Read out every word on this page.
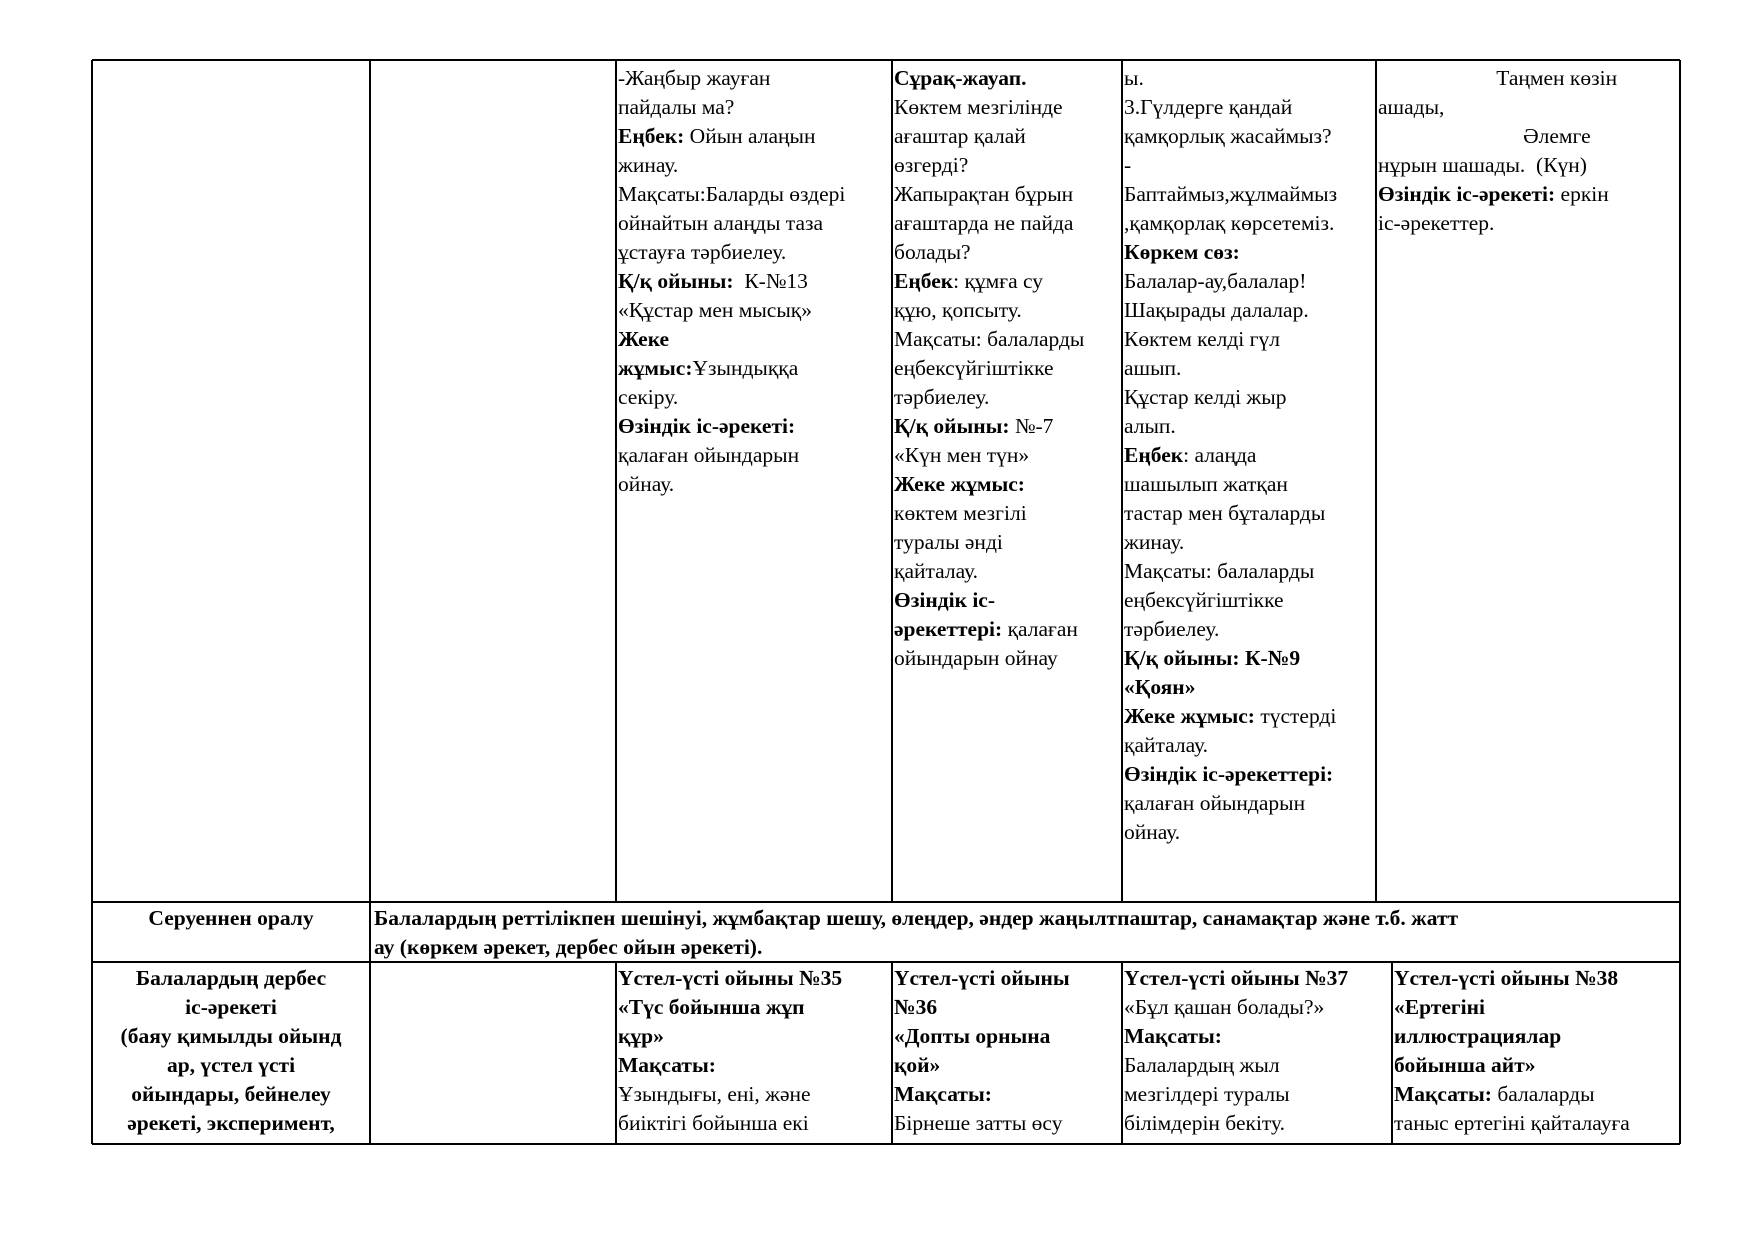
-Жаңбыр жауған
пайдалы ма?
Еңбек: Ойын алаңын
жинау.
Мақсаты:Баларды өздері
ойнайтын алаңды таза
ұстауға тәрбиелеу.
Қ/қ ойыны:  К-№13
«Құстар мен мысық»
Жеке
жұмыс:Ұзындыққа
секіру.
Өзіндік іс-әрекеті:
қалаған ойындарын
ойнау.
Сұрақ-жауап.
Көктем мезгілінде
ағаштар қалай
өзгерді?
Жапырақтан бұрын
ағаштарда не пайда
болады?
Еңбек: құмға су
құю, қопсыту.
Мақсаты: балаларды
еңбексүйгіштікке
тәрбиелеу.
Қ/қ ойыны: №-7
«Күн мен түн»
Жеке жұмыс:
көктем мезгілі
туралы әнді
қайталау.
Өзіндік іс-
әрекеттері: қалаған
ойындарын ойнау
ы.
3.Гүлдерге қандай
қамқорлық жасаймыз?
-
Баптаймыз,жұлмаймыз
,қамқорлақ көрсетеміз.
Көркем сөз:
Балалар-ау,балалар!
Шақырады далалар.
Көктем келді гүл
ашып.
Құстар келді жыр
алып.
Еңбек: алаңда
шашылып жатқан
тастар мен бұталарды
жинау.
Мақсаты: балаларды
еңбексүйгіштікке
тәрбиелеу.
Қ/қ ойыны: К-№9
«Қоян»
Жеке жұмыс: түстерді
қайталау.
Өзіндік іс-әрекеттері:
қалаған ойындарын
ойнау.
Таңмен көзін
ашады,
Әлемге
нұрын шашады.  (Күн)
Өзіндік іс-әрекеті: еркін
іс-әрекеттер.
Серуеннен оралу	Балалардың реттілікпен шешінуі, жұмбақтар шешу, өлеңдер, әндер жаңылтпаштар, санамақтар және т.б. жатт
ау (көркем әрекет, дербес ойын әрекеті).
Балалардың дербес
іс-әрекеті
(баяу қимылды ойынд
ар, үстел үсті
ойындары, бейнелеу
әрекеті, эксперимент,
Үстел-үсті ойыны №35
«Түс бойынша жұп
құр»
Мақсаты:
Ұзындығы, ені, және
биіктігі бойынша екі
Үстел-үсті ойыны
№36
«Допты орнына
қой»
Мақсаты:
Бірнеше затты өсу
Үстел-үсті ойыны №37
«Бұл қашан болады?»
Мақсаты:
Балалардың жыл
мезгілдері туралы
білімдерін бекіту.
Үстел-үсті ойыны №38
«Ертегіні
иллюстрациялар
бойынша айт»
Мақсаты: балаларды
таныс ертегіні қайталауға
